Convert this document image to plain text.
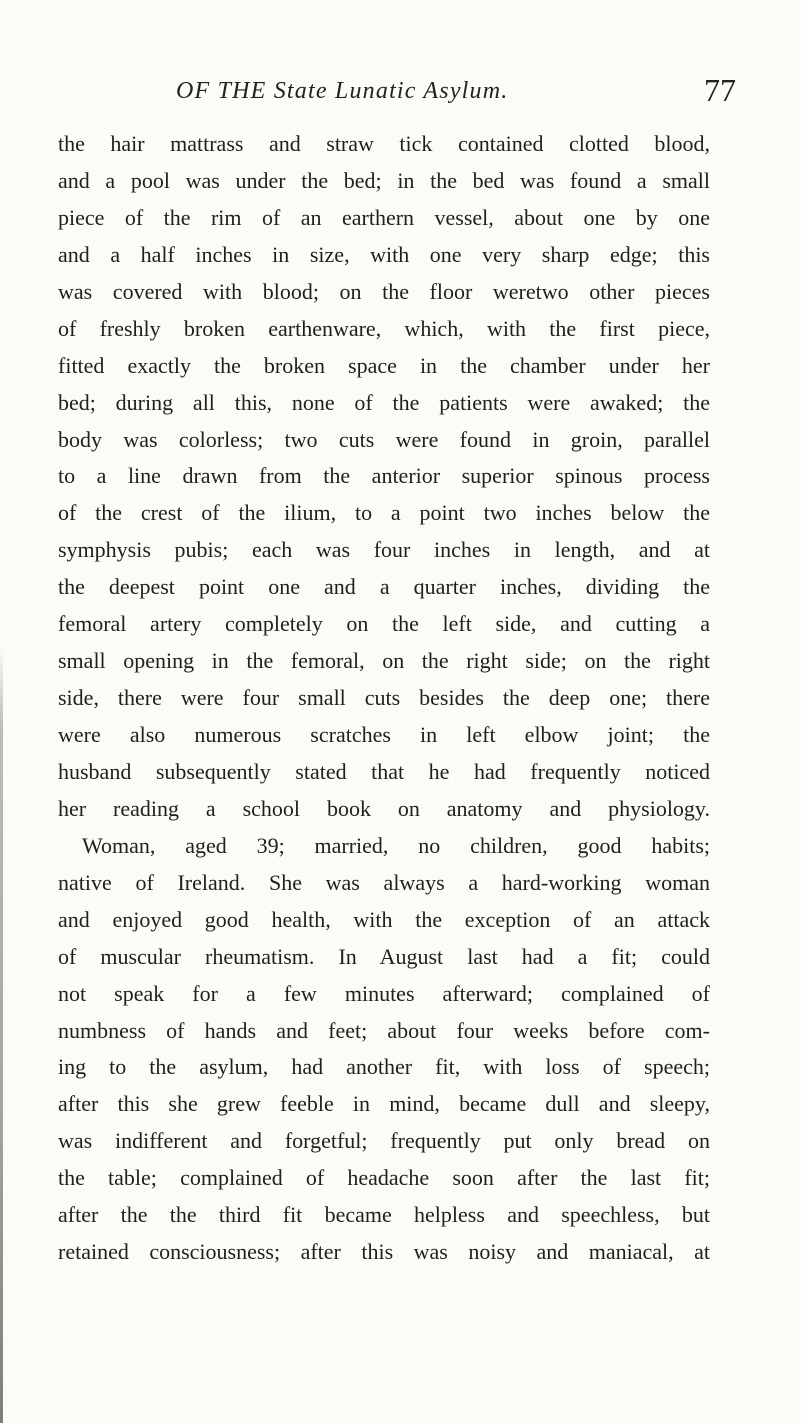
OF THE State Lunatic Asylum.	77
the hair mattrass and straw tick contained clotted blood,
and a pool was under the bed; in the bed was found a small
piece of the rim of an earthern vessel, about one by one
and a half inches in size, with one very sharp edge; this
was covered with blood; on the floor weretwo other pieces
of freshly broken earthenware, which, with the first piece,
fitted exactly the broken space in the chamber under her
bed; during all this, none of the patients were awaked; the
body was colorless; two cuts were found in groin, parallel
to a line drawn from the anterior superior spinous process
of the crest of the ilium, to a point two inches below the
symphysis pubis; each was four inches in length, and at
the deepest point one and a quarter inches, dividing the
femoral artery completely on the left side, and cutting a
small opening in the femoral, on the right side; on the right
side, there were four small cuts besides the deep one; there
were also numerous scratches in left elbow joint; the
husband subsequently stated that he had frequently noticed
her reading a school book on anatomy and physiology.
Woman, aged 39; married, no children, good habits;
native of Ireland. She was always a hard-working woman
and enjoyed good health, with the exception of an attack
of muscular rheumatism. In August last had a fit; could
not speak for a few minutes afterward; complained of
numbness of hands and feet; about four weeks before com-
ing to the asylum, had another fit, with loss of speech;
after this she grew feeble in mind, became dull and sleepy,
was indifferent and forgetful; frequently put only bread on
the table; complained of headache soon after the last fit;
after the the third fit became helpless and speechless, but
retained consciousness; after this was noisy and maniacal, at
